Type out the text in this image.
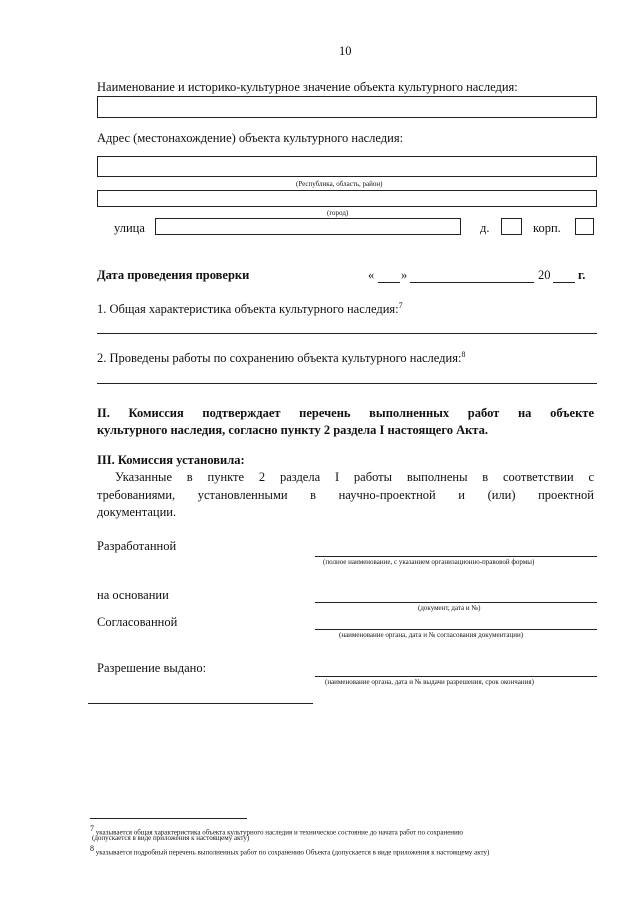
10
Наименование и историко-культурное значение объекта культурного наследия:
Адрес (местонахождение) объекта культурного наследия:
(Республика, область, район)
(город)
улица	д.	корп.
Дата проведения проверки	« »	20 г.
1. Общая характеристика объекта культурного наследия:$^7$
2. Проведены работы по сохранению объекта культурного наследия:$^8$
II. Комиссия подтверждает перечень выполненных работ на объекте
культурного наследия, согласно пункту 2 раздела I настоящего Акта.
III. Комиссия установила:
Указанные в пункте 2 раздела I работы выполнены в соответствии с
требованиями, установленными в научно-проектной и (или) проектной
документации.
Разработанной
(полное наименование, с указанием организационно-правовой формы)
на основании
(документ, дата и №)
Согласованной
(наименование органа, дата и № согласования документации)
Разрешение выдано:
(наименование органа, дата и № выдачи разрешения, срок окончания)
$^7$ указывается общая характеристика объекта культурного наследия и техническое состояние до начата работ по сохранению
(допускается в виде приложения к настоящему акту)
$^8$ указывается подробный перечень выполненных работ по сохранению Объекта (допускается в виде приложения к настоящему акту)
